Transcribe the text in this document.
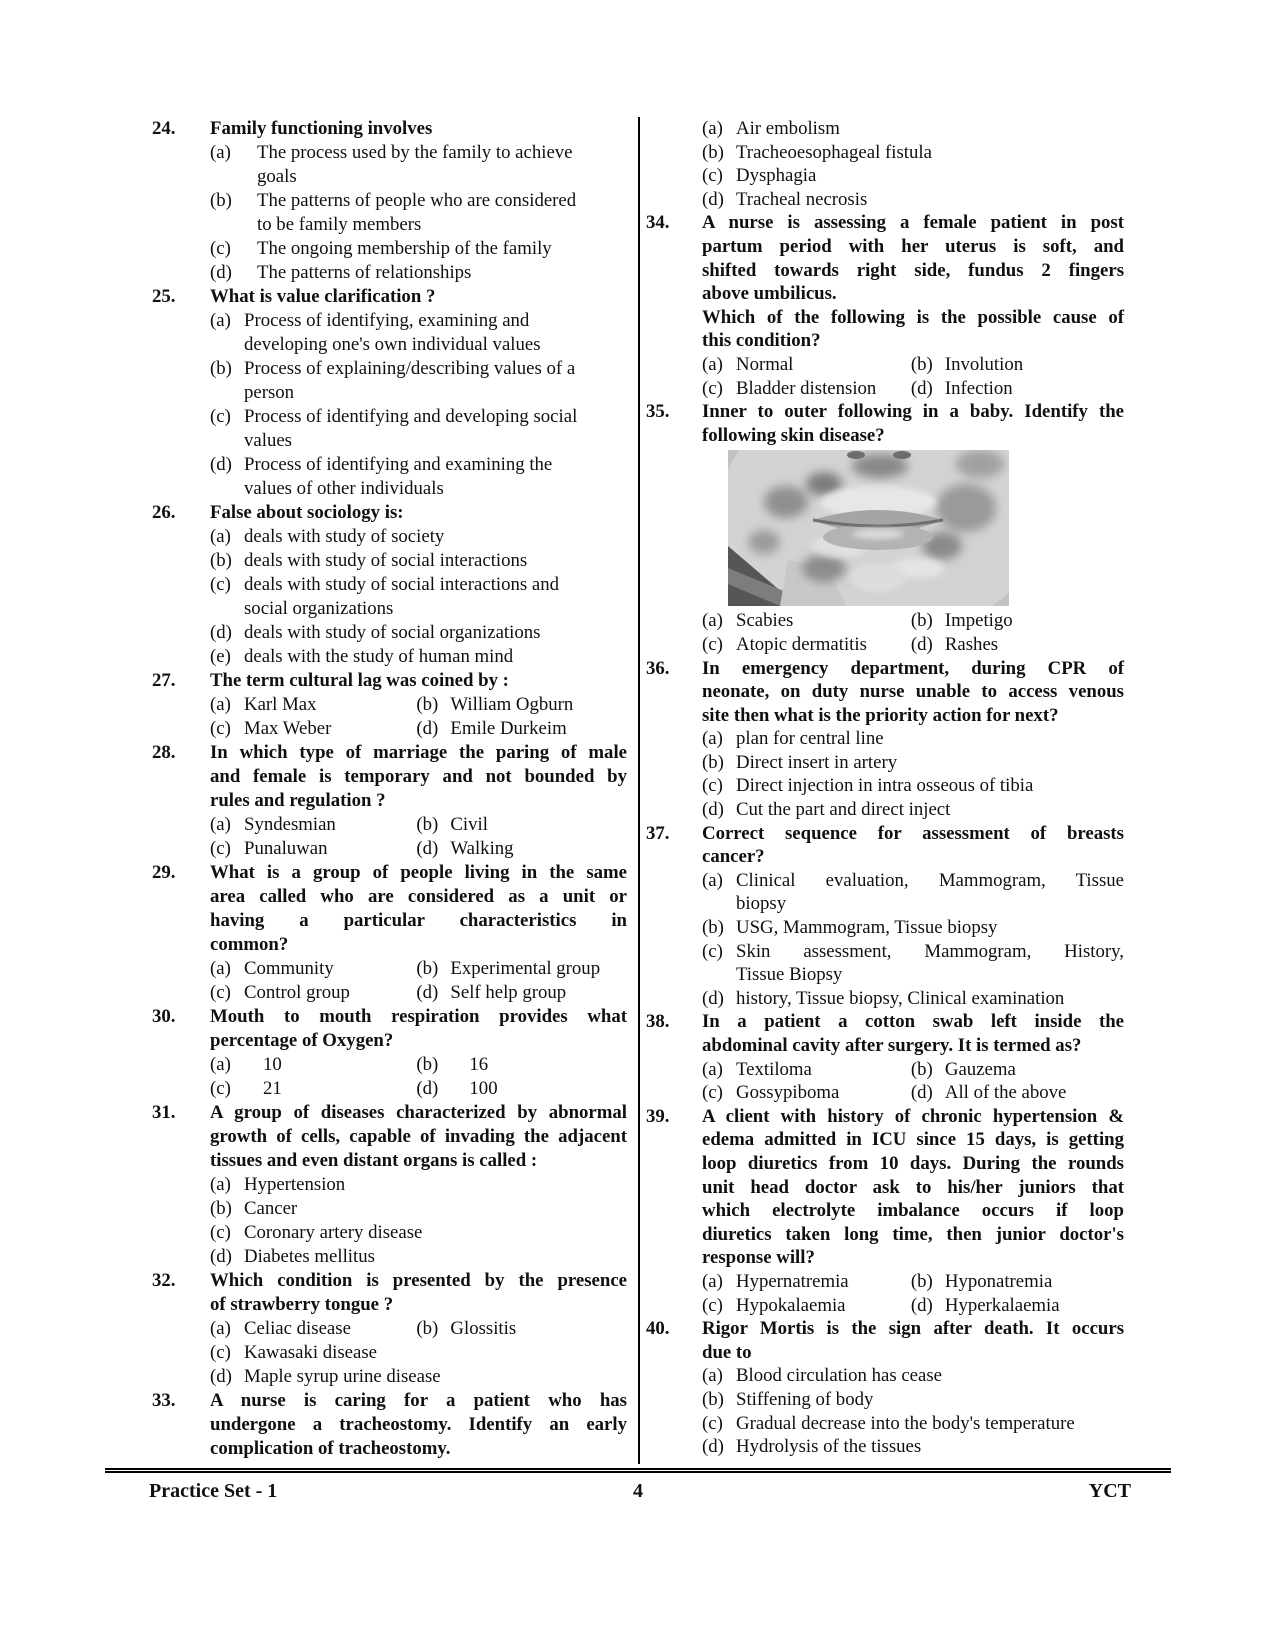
24. Family functioning involves
(a) The process used by the family to achieve
goals
(b) The patterns of people who are considered
to be family members
(c) The ongoing membership of the family
(d) The patterns of relationships
25. What is value clarification ?
(a) Process of identifying, examining and
developing one's own individual values
(b) Process of explaining/describing values of a
person
(c) Process of identifying and developing social
values
(d) Process of identifying and examining the
values of other individuals
26. False about sociology is:
(a) deals with study of society
(b) deals with study of social interactions
(c) deals with study of social interactions and
social organizations
(d) deals with study of social organizations
(e) deals with the study of human mind
27. The term cultural lag was coined by :
(a) Karl Max	(b) William Ogburn
(c) Max Weber	(d) Emile Durkeim
28. In which type of marriage the paring of male
and female is temporary and not bounded by
rules and regulation ?
(a) Syndesmian	(b) Civil
(c) Punaluwan	(d) Walking
29. What is a group of people living in the same
area called who are considered as a unit or
having a particular characteristics in
common?
(a) Community	(b) Experimental group
(c) Control group	(d) Self help group
30. Mouth to mouth respiration provides what
percentage of Oxygen?
(a) 10	(b) 16
(c) 21	(d) 100
31. A group of diseases characterized by abnormal
growth of cells, capable of invading the adjacent
tissues and even distant organs is called :
(a) Hypertension
(b) Cancer
(c) Coronary artery disease
(d) Diabetes mellitus
32. Which condition is presented by the presence
of strawberry tongue ?
(a) Celiac disease	(b) Glossitis
(c) Kawasaki disease
(d) Maple syrup urine disease
33. A nurse is caring for a patient who has
undergone a tracheostomy. Identify an early
complication of tracheostomy.
(a) Air embolism
(b) Tracheoesophageal fistula
(c) Dysphagia
(d) Tracheal necrosis
34. A nurse is assessing a female patient in post
partum period with her uterus is soft, and
shifted towards right side, fundus 2 fingers
above umbilicus.
Which of the following is the possible cause of
this condition?
(a) Normal	(b) Involution
(c) Bladder distension (d) Infection
35. Inner to outer following in a baby. Identify the
following skin disease?
(a) Scabies	(b) Impetigo
(c) Atopic dermatitis (d) Rashes
36. In emergency department, during CPR of
neonate, on duty nurse unable to access venous
site then what is the priority action for next?
(a) plan for central line
(b) Direct insert in artery
(c) Direct injection in intra osseous of tibia
(d) Cut the part and direct inject
37. Correct sequence for assessment of breasts
cancer?
(a) Clinical evaluation, Mammogram, Tissue
biopsy
(b) USG, Mammogram, Tissue biopsy
(c) Skin assessment, Mammogram, History,
Tissue Biopsy
(d) history, Tissue biopsy, Clinical examination
38. In a patient a cotton swab left inside the
abdominal cavity after surgery. It is termed as?
(a) Textiloma	(b) Gauzema
(c) Gossypiboma	(d) All of the above
39. A client with history of chronic hypertension &
edema admitted in ICU since 15 days, is getting
loop diuretics from 10 days. During the rounds
unit head doctor ask to his/her juniors that
which electrolyte imbalance occurs if loop
diuretics taken long time, then junior doctor's
response will?
(a) Hypernatremia	(b) Hyponatremia
(c) Hypokalaemia	(d) Hyperkalaemia
40. Rigor Mortis is the sign after death. It occurs
due to
(a) Blood circulation has cease
(b) Stiffening of body
(c) Gradual decrease into the body's temperature
(d) Hydrolysis of the tissues
Practice Set - 1	4	YCT
